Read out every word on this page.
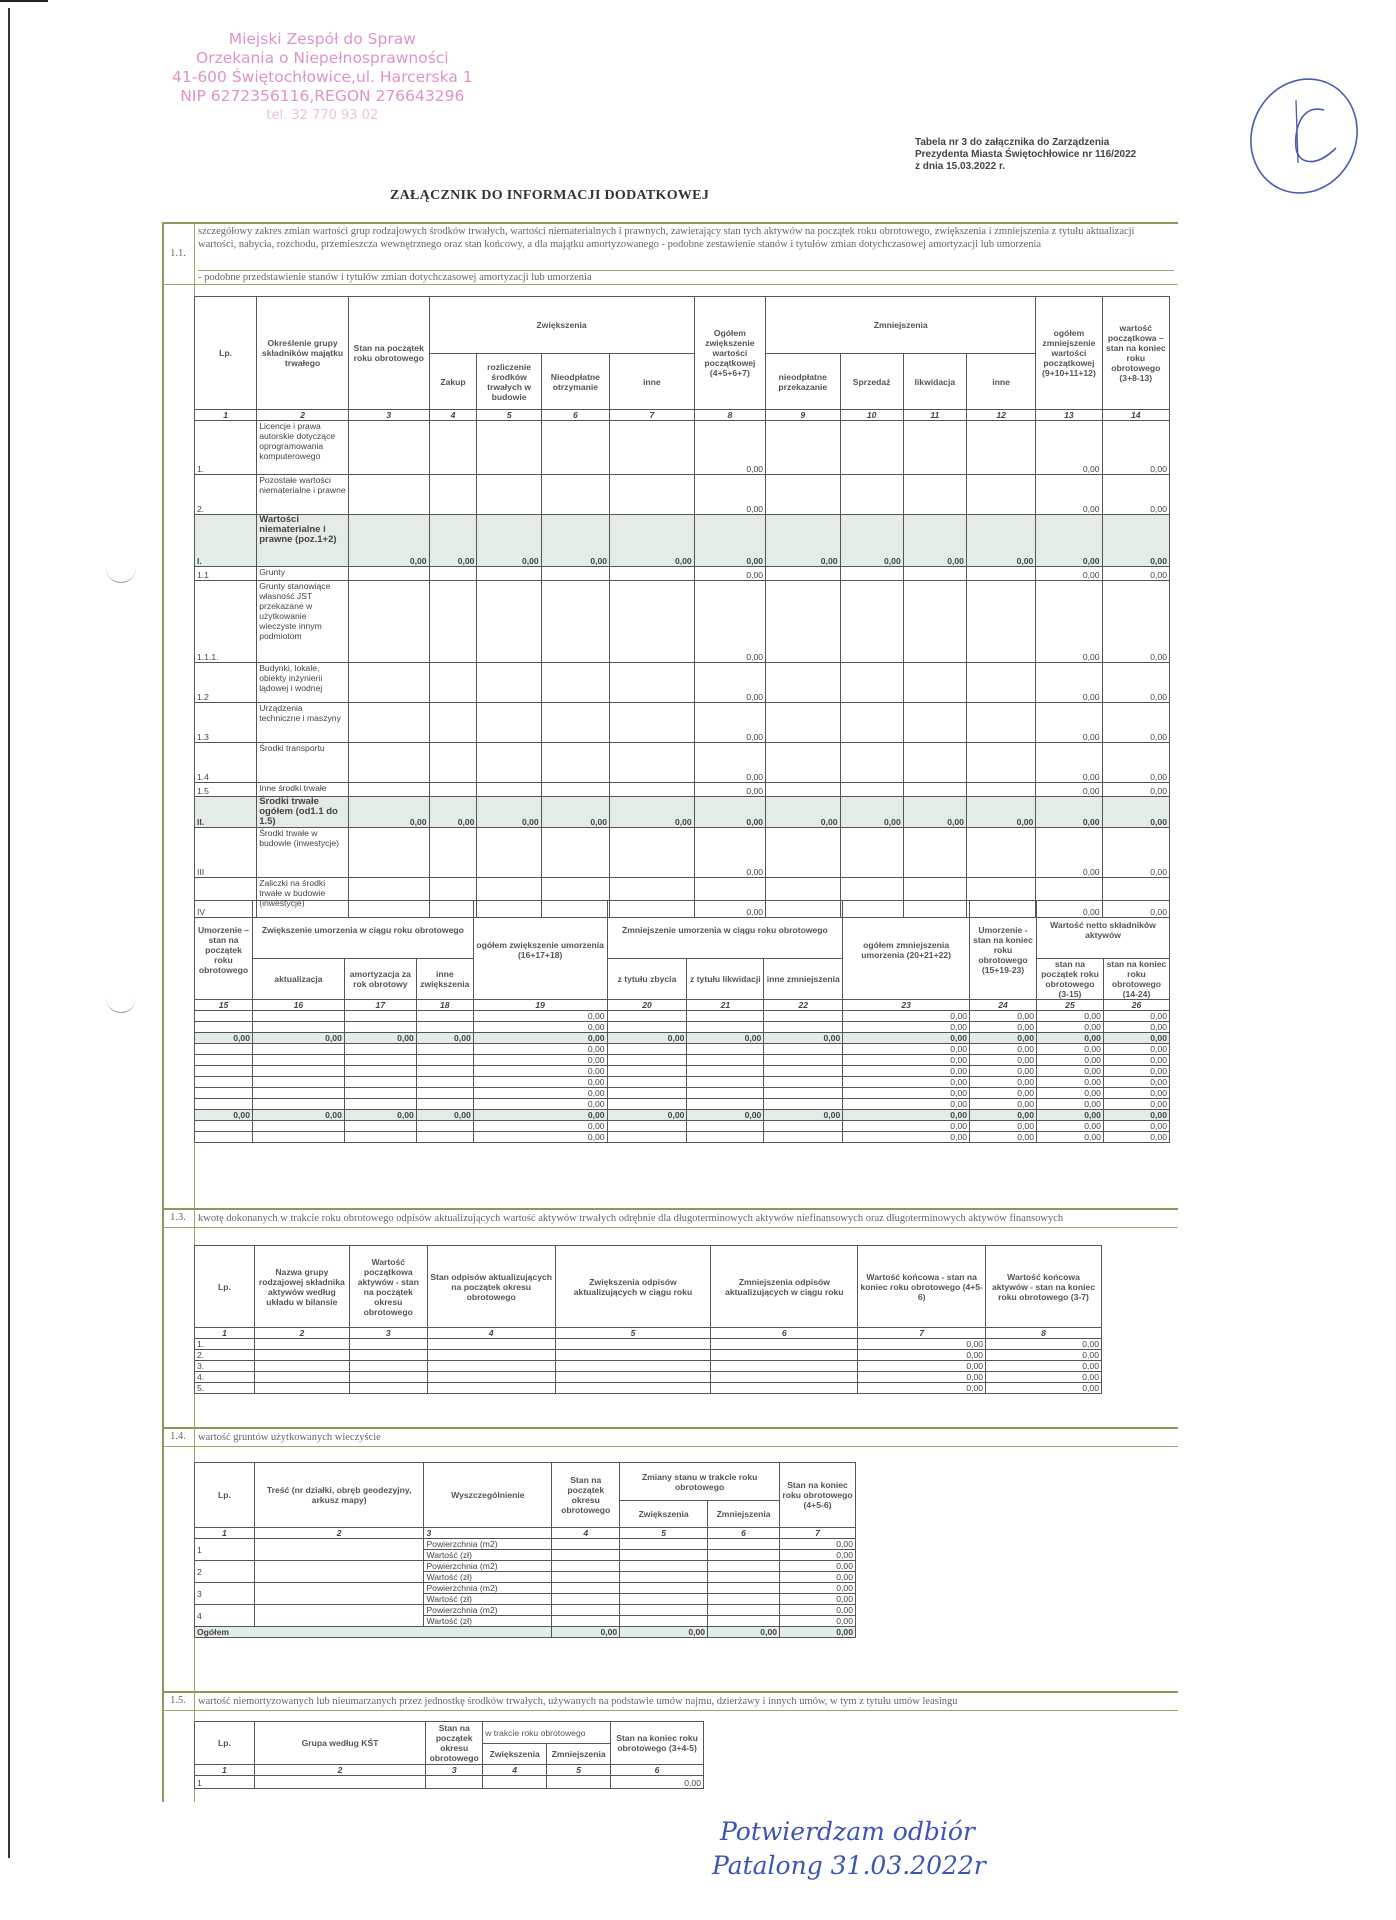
Miejski Zespół do Spraw
Orzekania o Niepełnosprawności
41-600 Świętochłowice,ul. Harcerska 1
NIP 6272356116,REGON 276643296
tel. 32 770 93 02
Tabela nr 3 do załącznika do Zarządzenia
Prezydenta Miasta Świętochłowice nr 116/2022
z dnia 15.03.2022 r.
ZAŁĄCZNIK DO INFORMACJI DODATKOWEJ
1.1.
szczegółowy zakres zmian wartości grup rodzajowych środków trwałych, wartości niematerialnych i prawnych, zawierający stan tych aktywów na początek roku obrotowego, zwiększenia i zmniejszenia z tytułu aktualizacji wartości, nabycia, rozchodu, przemieszcza wewnętrznego oraz stan końcowy, a dla majątku amortyzowanego - podobne zestawienie stanów i tytułów zmian dotychczasowej amortyzacji lub umorzenia
- podobne przedstawienie stanów i tytułów zmian dotychczasowej amortyzacji lub umorzenia
Lp.	Określenie grupy składników majątku trwałego	Stan na początek roku obrotowego	Zwiększenia				Ogółem zwiększenie wartości początkowej (4+5+6+7)	Zmniejszenia				ogółem zmniejszenie wartości początkowej (9+10+11+12)	wartość początkowa – stan na koniec roku obrotowego (3+8-13)
			Zakup	rozliczenie środków trwałych w budowie	Nieodpłatne otrzymanie	inne		nieodpłatne przekazanie	Sprzedaż	likwidacja	inne		
1	2	3	4	5	6	7	8	9	10	11	12	13	14
1.	Licencje i prawa autorskie dotyczące oprogramowania komputerowego						0,00					0,00	0,00
2.	Pozostałe wartości niematerialne i prawne						0,00					0,00	0,00
I.	Wartości niematerialne i prawne (poz.1+2)	0,00	0,00	0,00	0,00	0,00	0,00	0,00	0,00	0,00	0,00	0,00	0,00
1.1	Grunty						0,00					0,00	0,00
1.1.1.	Grunty stanowiące własność JST przekazane w użytkowanie wieczyste innym podmiotom						0,00					0,00	0,00
1.2	Budynki, lokale, obiekty inżynierii lądowej i wodnej						0,00					0,00	0,00
1.3	Urządzenia techniczne i maszyny						0,00					0,00	0,00
1.4	Środki transportu						0,00					0,00	0,00
1.5	Inne środki trwałe						0,00					0,00	0,00
II.	Środki trwałe ogółem (od1.1 do 1.5)	0,00	0,00	0,00	0,00	0,00	0,00	0,00	0,00	0,00	0,00	0,00	0,00
III	Środki trwałe w budowie (inwestycje)						0,00					0,00	0,00
IV	Zaliczki na środki trwałe w budowie (inwestycje)						0,00					0,00	0,00
Umorzenie – stan na początek roku obrotowego	Zwiększenie umorzenia w ciągu roku obrotowego			ogółem zwiększenie umorzenia (16+17+18)	Zmniejszenie umorzenia w ciągu roku obrotowego			ogółem zmniejszenia umorzenia (20+21+22)	Umorzenie - stan na koniec roku obrotowego (15+19-23)	Wartość netto składników aktywów	
	aktualizacja	amortyzacja za rok obrotowy	inne zwiększenia		z tytułu zbycia	z tytułu likwidacji	inne zmniejszenia			stan na początek roku obrotowego (3-15)	stan na koniec roku obrotowego (14-24)
15	16	17	18	19	20	21	22	23	24	25	26
				0,00				0,00	0,00	0,00	0,00
				0,00				0,00	0,00	0,00	0,00
0,00	0,00	0,00	0,00	0,00	0,00	0,00	0,00	0,00	0,00	0,00	0,00
				0,00				0,00	0,00	0,00	0,00
				0,00				0,00	0,00	0,00	0,00
				0,00				0,00	0,00	0,00	0,00
				0,00				0,00	0,00	0,00	0,00
				0,00				0,00	0,00	0,00	0,00
				0,00				0,00	0,00	0,00	0,00
0,00	0,00	0,00	0,00	0,00	0,00	0,00	0,00	0,00	0,00	0,00	0,00
				0,00				0,00	0,00	0,00	0,00
				0,00				0,00	0,00	0,00	0,00
1.3.	kwotę dokonanych w trakcie roku obrotowego odpisów aktualizujących wartość aktywów trwałych odrębnie dla długoterminowych aktywów niefinansowych oraz długoterminowych aktywów finansowych
Lp.	Nazwa grupy rodzajowej składnika aktywów według układu w bilansie	Wartość początkowa aktywów - stan na początek okresu obrotowego	Stan odpisów aktualizujących na początek okresu obrotowego	Zwiększenia odpisów aktualizujących w ciągu roku	Zmniejszenia odpisów aktualizujących w ciągu roku	Wartość końcowa - stan na koniec roku obrotowego (4+5-6)	Wartość końcowa aktywów - stan na koniec roku obrotowego (3-7)
1	2	3	4	5	6	7	8
1.						0,00	0,00
2.						0,00	0,00
3.						0,00	0,00
4.						0,00	0,00
5.						0,00	0,00
1.4.	wartość gruntów użytkowanych wieczyście
Lp.	Treść (nr działki, obręb geodezyjny, arkusz mapy)	Wyszczególnienie	Stan na początek okresu obrotowego	Zmiany stanu w trakcie roku obrotowego		Stan na koniec roku obrotowego (4+5-6)
				Zwiększenia	Zmniejszenia	
1	2	3	4	5	6	7
1		Powierzchnia (m2)				0,00
		Wartość (zł)				0,00
2		Powierzchnia (m2)				0,00
		Wartość (zł)				0,00
3		Powierzchnia (m2)				0,00
		Wartość (zł)				0,00
4		Powierzchnia (m2)				0,00
		Wartość (zł)				0,00
Ogółem			0,00	0,00	0,00	0,00
1.5.	wartość niemortyzowanych lub nieumarzanych przez jednostkę środków trwałych, używanych na podstawie umów najmu, dzierżawy i innych umów, w tym z tytułu umów leasingu
Lp.	Grupa według KŚT	Stan na początek okresu obrotowego	w trakcie roku obrotowego		Stan na koniec roku obrotowego (3+4-5)
			Zwiększenia	Zmniejszenia	
1	2	3	4	5	6
1					0,00
Potwierdzam odbiór
Patalong 31.03.2022r
